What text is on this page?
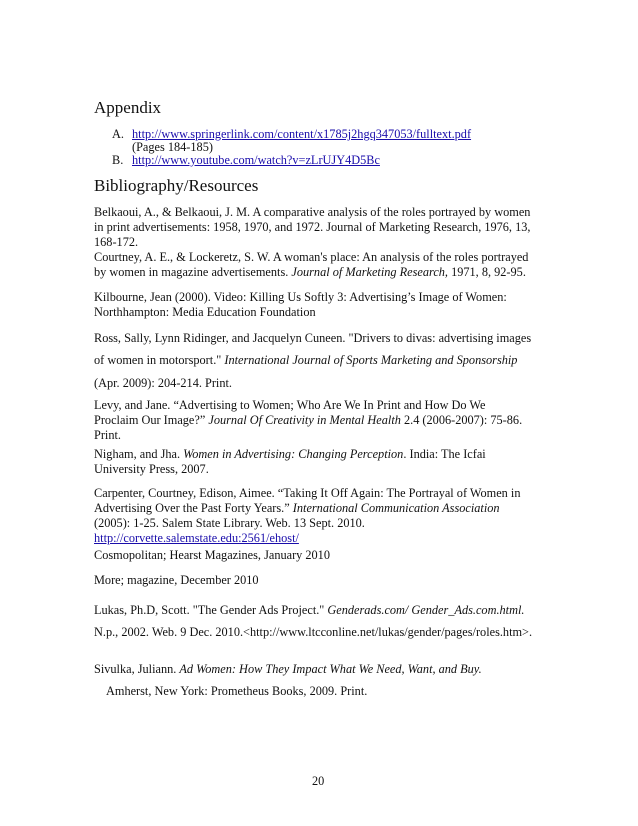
Appendix
A. http://www.springerlink.com/content/x1785j2hgq347053/fulltext.pdf
(Pages 184-185)
B. http://www.youtube.com/watch?v=zLrUJY4D5Bc
Bibliography/Resources
Belkaoui, A., & Belkaoui, J. M. A comparative analysis of the roles portrayed by women
in print advertisements: 1958, 1970, and 1972. Journal of Marketing Research, 1976, 13,
168-172.
Courtney, A. E., & Lockeretz, S. W. A woman's place: An analysis of the roles portrayed
by women in magazine advertisements. Journal of Marketing Research, 1971, 8, 92-95.
Kilbourne, Jean (2000). Video: Killing Us Softly 3: Advertising’s Image of Women:
Northhampton: Media Education Foundation
Ross, Sally, Lynn Ridinger, and Jacquelyn Cuneen. "Drivers to divas: advertising images
of women in motorsport." International Journal of Sports Marketing and Sponsorship
(Apr. 2009): 204-214. Print.
Levy, and Jane. “Advertising to Women; Who Are We In Print and How Do We
Proclaim Our Image?” Journal Of Creativity in Mental Health 2.4 (2006-2007): 75-86.
Print.
Nigham, and Jha. Women in Advertising: Changing Perception. India: The Icfai
University Press, 2007.
Carpenter, Courtney, Edison, Aimee. “Taking It Off Again: The Portrayal of Women in
Advertising Over the Past Forty Years.” International Communication Association
(2005): 1-25. Salem State Library. Web. 13 Sept. 2010.
http://corvette.salemstate.edu:2561/ehost/
Cosmopolitan; Hearst Magazines, January 2010
More; magazine, December 2010
Lukas, Ph.D, Scott. "The Gender Ads Project." Genderads.com/ Gender_Ads.com.html.
N.p., 2002. Web. 9 Dec. 2010.<http://www.ltcconline.net/lukas/gender/pages/roles.htm>.
Sivulka, Juliann. Ad Women: How They Impact What We Need, Want, and Buy.
Amherst, New York: Prometheus Books, 2009. Print.
20
